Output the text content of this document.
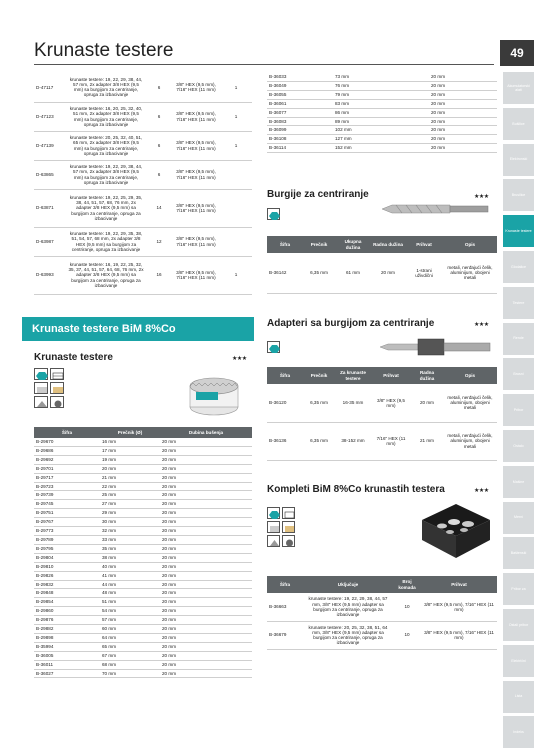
Krunaste testere	49
Akumulatorski alati
Bušilice
Elektronski
Brusilice
Krunaste testere
Glodalice
Testere
Rende
Brusni
Pribor
Ostalo
Mašine
Merni
Baštenski
Pribor za
Ostali pribor
Električni
Lista
Indeks
D-47117	krunaste testere: 19, 22, 29, 38, 44, 57 mm, 2x adapter 3/8 HEX (9,5 mm) sa burgijom za centriranje, opruga za izbacivanje	6	3/8" HEX (9,5 mm), 7/16" HEX (11 mm)	1
D-47123	krunaste testere: 16, 20, 25, 32, 40, 51 mm, 2x adapter 3/8 HEX (9,5 mm) sa burgijom za centriranje, opruga za izbacivanje	6	3/8" HEX (9,5 mm), 7/16" HEX (11 mm)	1
D-47139	krunaste testere: 20, 25, 32, 40, 51, 65 mm, 2x adapter 3/8 HEX (9,5 mm) sa burgijom za centriranje, opruga za izbacivanje	6	3/8" HEX (9,5 mm), 7/16" HEX (11 mm)	1
D-63865	krunaste testere: 19, 22, 29, 38, 44, 57 mm, 2x adapter 3/8 HEX (9,5 mm) sa burgijom za centriranje, opruga za izbacivanje	6	3/8" HEX (9,5 mm), 7/16" HEX (11 mm)	
D-63871	krunaste testere: 19, 22, 25, 29, 35, 38, 44, 51, 57, 68, 76 mm, 2x adapter 3/8 HEX (9,5 mm) sa burgijom za centriranje, opruga za izbacivanje	14	3/8" HEX (9,5 mm), 7/16" HEX (11 mm)	
D-63987	krunaste testere: 19, 22, 29, 35, 38, 51, 54, 57, 68 mm, 2x adapter 3/8 HEX (9,5 mm) sa burgijom za centriranje, opruga za izbacivanje	12	3/8" HEX (9,5 mm), 7/16" HEX (11 mm)	
D-63993	krunaste testere: 16, 19, 22, 25, 32, 35, 37, 44, 51, 57, 64, 68, 76 mm, 2x adapter 3/8 HEX (9,5 mm) sa burgijom za centriranje, opruga za izbacivanje	16	3/8" HEX (9,5 mm), 7/16" HEX (11 mm)	1
Krunaste testere BiM 8%Co
Krunaste testere	★★★
Šifra	Prečnik (Ø)	Dubina bušenja
B-29670	16 mm	20 mm
B-29686	17 mm	20 mm
B-29692	19 mm	20 mm
B-29701	20 mm	20 mm
B-29717	21 mm	20 mm
B-29723	22 mm	20 mm
B-29739	25 mm	20 mm
B-29745	27 mm	20 mm
B-29751	29 mm	20 mm
B-29767	30 mm	20 mm
B-29773	32 mm	20 mm
B-29789	33 mm	20 mm
B-29795	35 mm	20 mm
B-29804	38 mm	20 mm
B-29810	40 mm	20 mm
B-29826	41 mm	20 mm
B-29832	44 mm	20 mm
B-29848	48 mm	20 mm
B-29854	51 mm	20 mm
B-29860	54 mm	20 mm
B-29876	57 mm	20 mm
B-29882	60 mm	20 mm
B-29898	64 mm	20 mm
B-35994	65 mm	20 mm
B-36005	67 mm	20 mm
B-36011	68 mm	20 mm
B-36027	70 mm	20 mm
B-36033	73 mm	20 mm
B-36049	76 mm	20 mm
B-36055	79 mm	20 mm
B-36061	83 mm	20 mm
B-36077	86 mm	20 mm
B-36083	89 mm	20 mm
B-36099	102 mm	20 mm
B-36108	127 mm	20 mm
B-36114	152 mm	20 mm
Burgije za centriranje	★★★
Šifra	Prečnik	Ukupna dužina	Radna dužina	Prihvat	Opis
B-36142	6,35 mm	61 mm	20 mm	1-strani uživdični	metali, nerđajući čelik, aluminijum, obojeni metali
Adapteri sa burgijom za centriranje	★★★
Šifra	Prečnik	Za krunaste testere	Prihvat	Radna dužina	Opis
B-36120	6,35 mm	16-35 mm	3/8" HEX (9,5 mm)	20 mm	metali, nerđajući čelik, aluminijum, obojeni metali
B-36136	6,35 mm	38-152 mm	7/16" HEX (11 mm)	21 mm	metali, nerđajući čelik, aluminijum, obojeni metali
Kompleti BiM 8%Co krunastih testera	★★★
Šifra	Uključuje	Broj komada	Prihvat
B-36663	krunaste testere: 19, 22, 29, 38, 44, 57 mm, 3/8" HEX (9,5 mm) adapter sa burgijom za centriranje, opruga za izbacivanje	10	3/8" HEX (9,5 mm), 7/16" HEX (11 mm)
B-36679	krunaste testere: 20, 25, 32, 38, 51, 64 mm, 3/8" HEX (9,5 mm) adapter sa burgijom za centriranje, opruga za izbacivanje	10	3/8" HEX (9,5 mm), 7/16" HEX (11 mm)
